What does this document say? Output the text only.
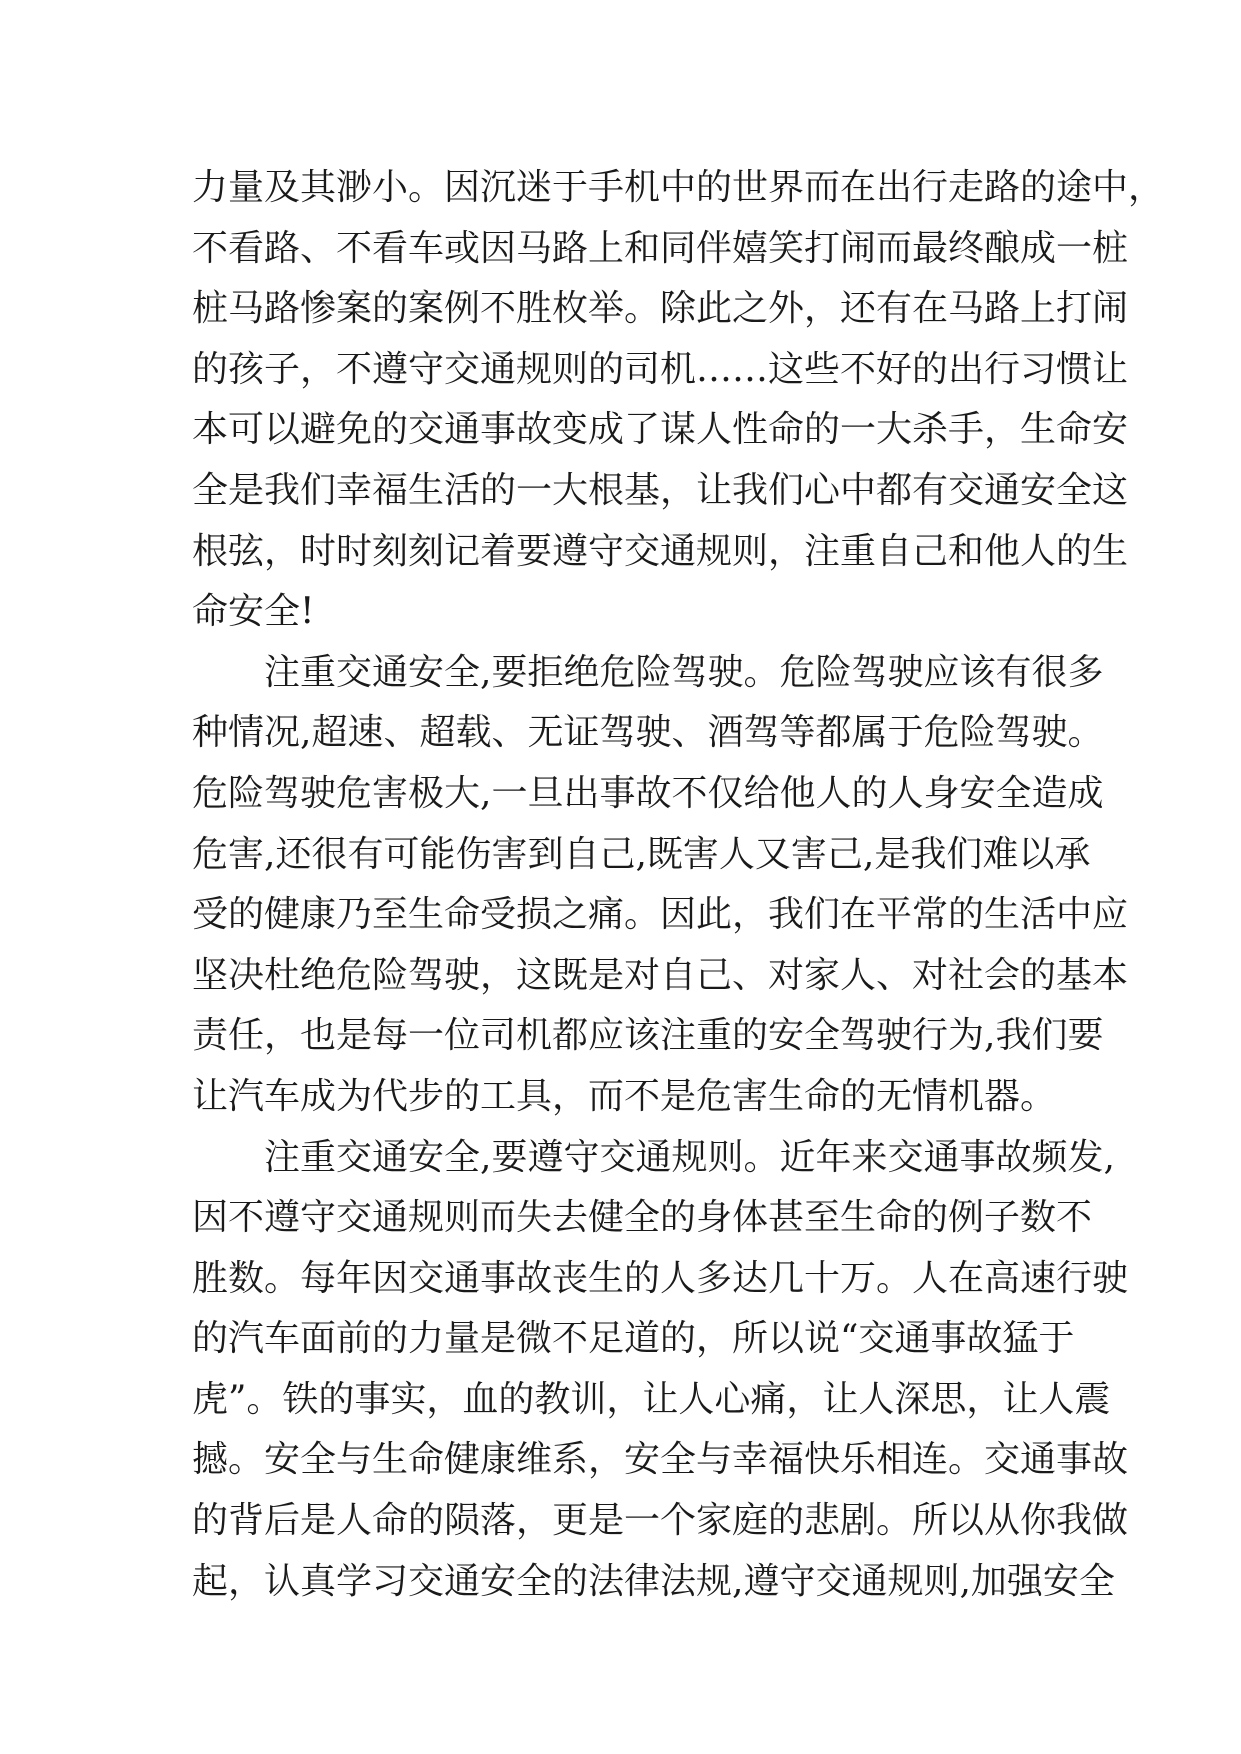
力量及其渺小。因沉迷于手机中的世界而在出行走路的途中，
不看路、不看车或因马路上和同伴嬉笑打闹而最终酿成一桩
桩马路惨案的案例不胜枚举。除此之外，还有在马路上打闹
的孩子，不遵守交通规则的司机……这些不好的出行习惯让
本可以避免的交通事故变成了谋人性命的一大杀手，生命安
全是我们幸福生活的一大根基，让我们心中都有交通安全这
根弦，时时刻刻记着要遵守交通规则，注重自己和他人的生
命安全!
注重交通安全,要拒绝危险驾驶。危险驾驶应该有很多
种情况,超速、超载、无证驾驶、酒驾等都属于危险驾驶。
危险驾驶危害极大,一旦出事故不仅给他人的人身安全造成
危害,还很有可能伤害到自己,既害人又害己,是我们难以承
受的健康乃至生命受损之痛。因此，我们在平常的生活中应
坚决杜绝危险驾驶，这既是对自己、对家人、对社会的基本
责任，也是每一位司机都应该注重的安全驾驶行为,我们要
让汽车成为代步的工具，而不是危害生命的无情机器。
注重交通安全,要遵守交通规则。近年来交通事故频发,
因不遵守交通规则而失去健全的身体甚至生命的例子数不
胜数。每年因交通事故丧生的人多达几十万。人在高速行驶
的汽车面前的力量是微不足道的，所以说“交通事故猛于
虎”。铁的事实，血的教训，让人心痛，让人深思，让人震
撼。安全与生命健康维系，安全与幸福快乐相连。交通事故
的背后是人命的陨落，更是一个家庭的悲剧。所以从你我做
起，认真学习交通安全的法律法规,遵守交通规则,加强安全
